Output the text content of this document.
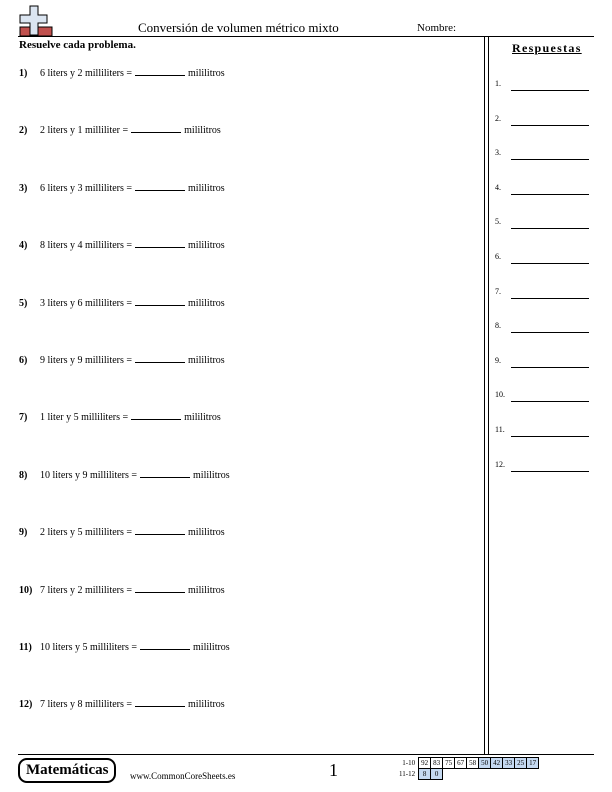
Conversión de volumen métrico mixto	Nombre:
Resuelve cada problema.	Respuestas
1) 6 liters y 2 milliliters =	mililitros
2) 2 liters y 1 milliliter =	mililitros
3) 6 liters y 3 milliliters =	mililitros
4) 8 liters y 4 milliliters =	mililitros
5) 3 liters y 6 milliliters =	mililitros
6) 9 liters y 9 milliliters =	mililitros
7) 1 liter y 5 milliliters =	mililitros
8) 10 liters y 9 milliliters =	mililitros
9) 2 liters y 5 milliliters =	mililitros
10) 7 liters y 2 milliliters =	mililitros
11) 10 liters y 5 milliliters =	mililitros
12) 7 liters y 8 milliliters =	mililitros
1.
2.
3.
4.
5.
6.
7.
8.
9.
10.
11.
12.
Matemáticas	www.CommonCoreSheets.es	1	1-10	92	83	75	67	58	50	42	33	25	17
11-12	8	0								
